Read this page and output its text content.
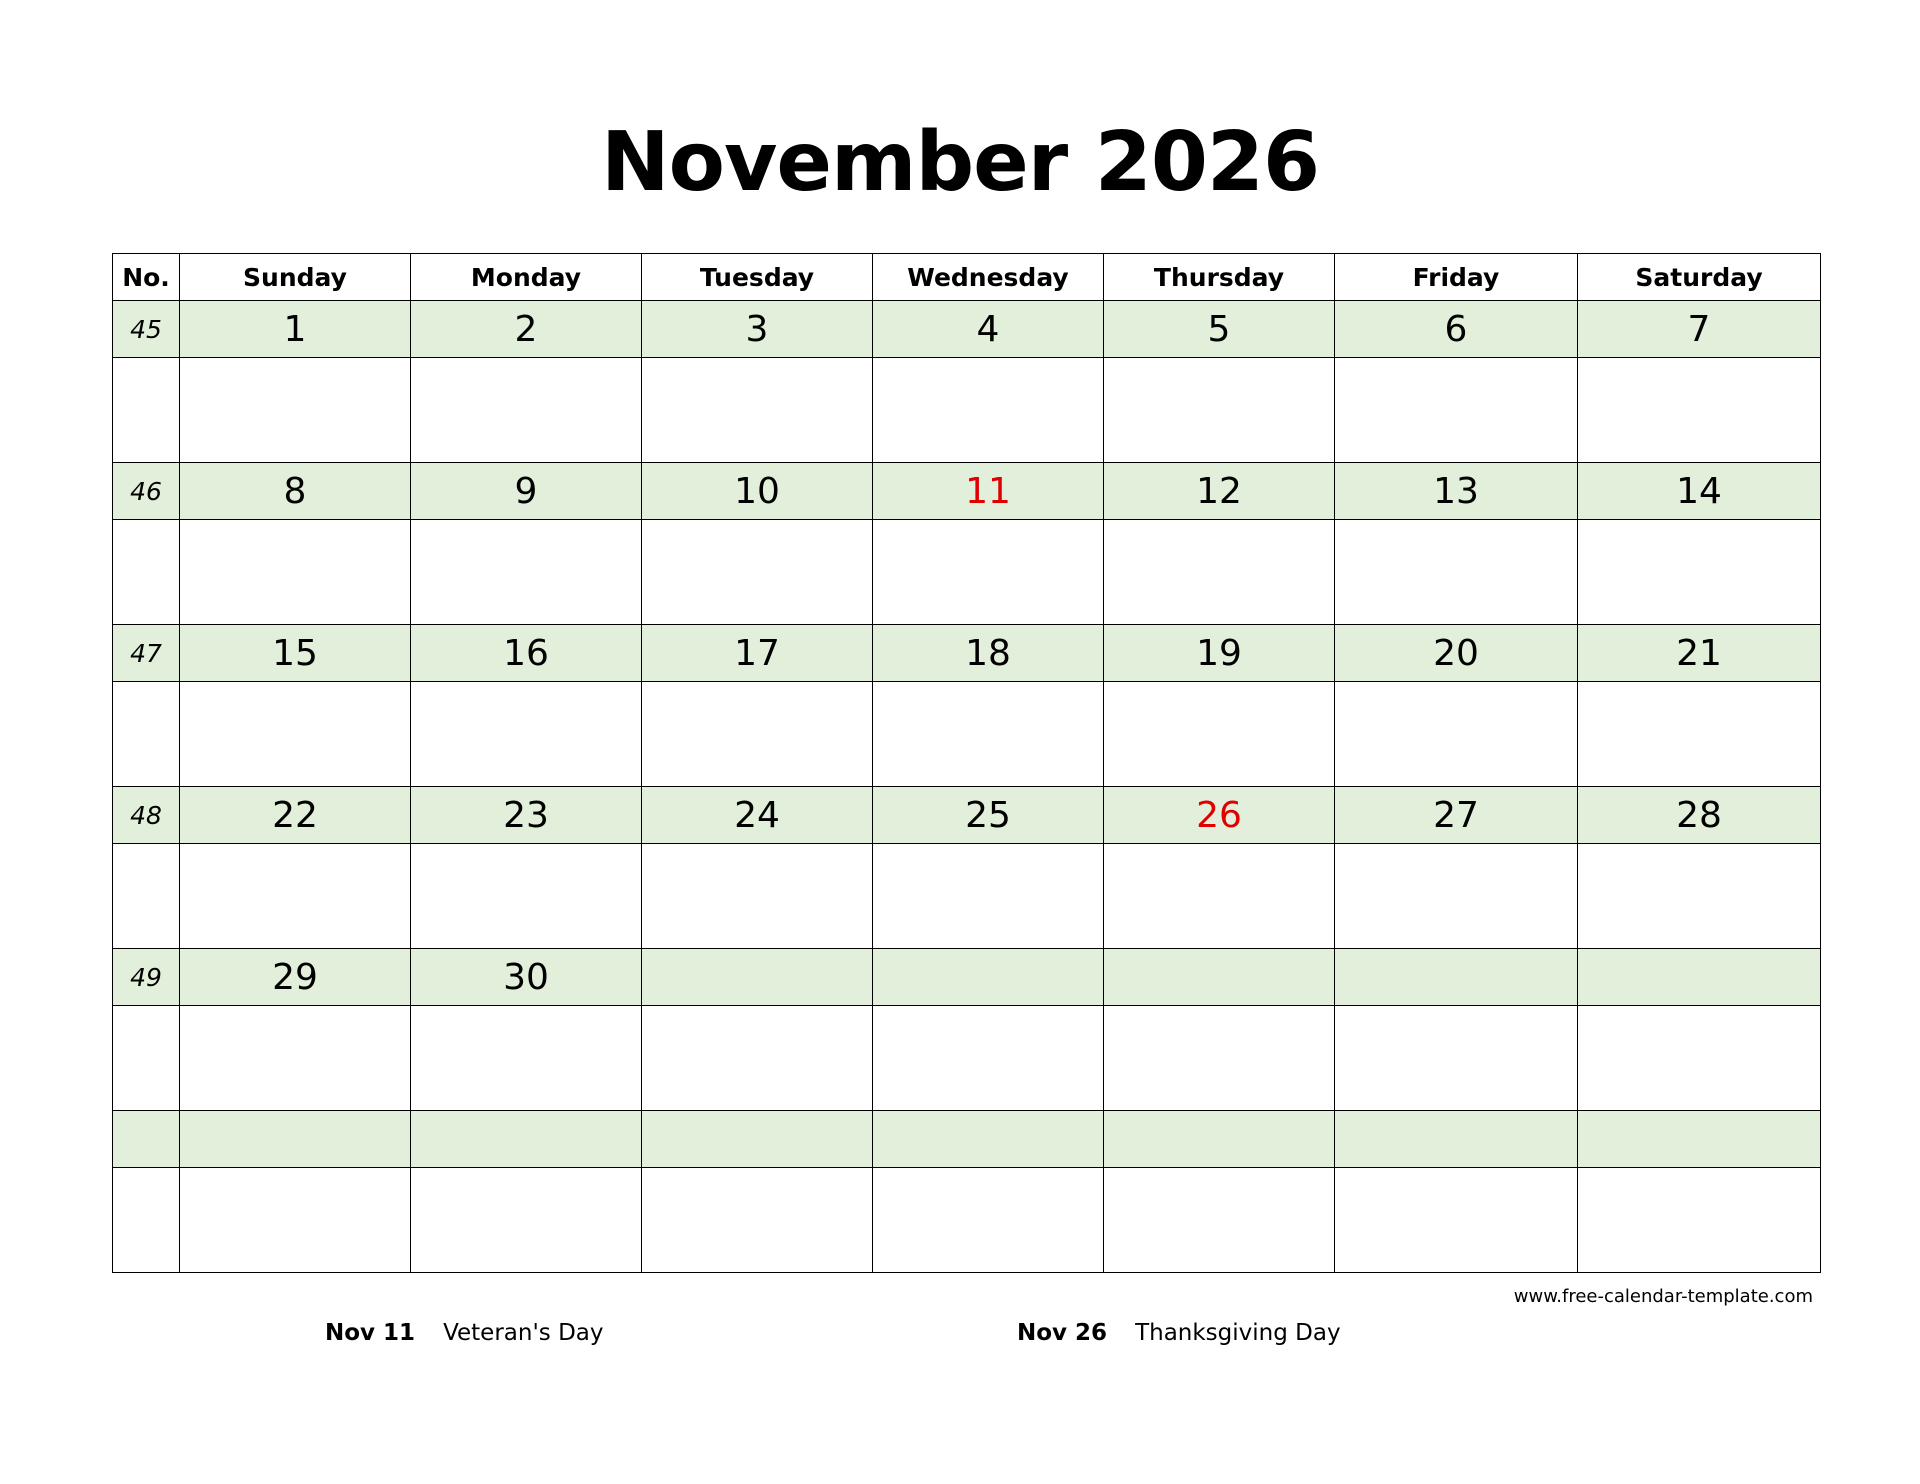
November 2026
No.	Sunday	Monday	Tuesday	Wednesday	Thursday	Friday	Saturday
45	1	2	3	4	5	6	7

46	8	9	10	11	12	13	14

47	15	16	17	18	19	20	21

48	22	23	24	25	26	27	28

49	29	30					

www.free-calendar-template.com
Nov 11 Veteran's Day	Nov 26 Thanksgiving Day
